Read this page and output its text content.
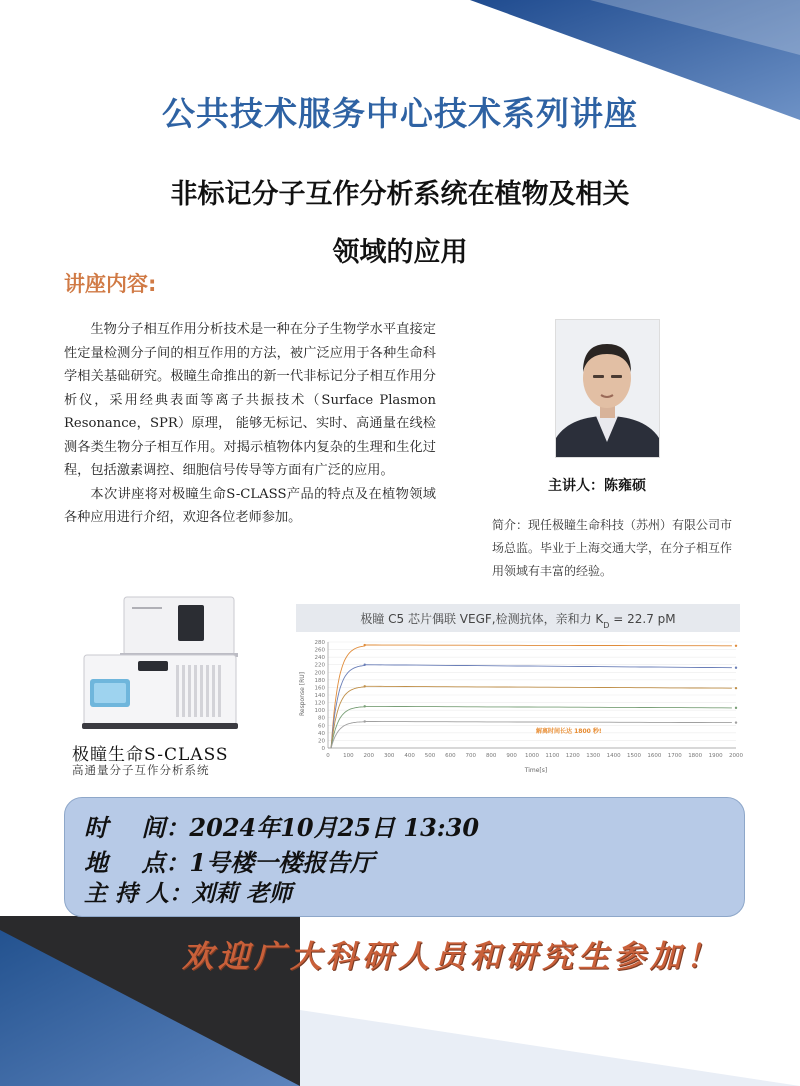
公共技术服务中心技术系列讲座
非标记分子互作分析系统在植物及相关
领域的应用
讲座内容:

生物分子相互作用分析技术是一种在分子生物学水平直接定性定量检测分子间的相互作用的方法，被广泛应用于各种生命科学相关基础研究。极瞳生命推出的新一代非标记分子相互作用分析仪，采用经典表面等离子共振技术（Surface Plasmon Resonance，SPR）原理， 能够无标记、实时、高通量在线检测各类生物分子相互作用。对揭示植物体内复杂的生理和生化过程，包括激素调控、细胞信号传导等方面有广泛的应用。

本次讲座将对极瞳生命S-CLASS产品的特点及在植物领域各种应用进行介绍，欢迎各位老师参加。

主讲人：陈雍硕
简介：现任极瞳生命科技（苏州）有限公司市场总监。毕业于上海交通大学，在分子相互作用领域有丰富的经验。
极瞳生命S-CLASS
高通量分子互作分析系统
极瞳 C5 芯片偶联 VEGF,检测抗体，亲和力 $K_D = 22.7$ pM
0
20
40
60
80
100
120
140
160
180
200
220
240
260
280
0 100 200 300 400 500 600 700 800 900 1000 1100 1200 1300 1400 1500 1600 1700 1800 1900 2000
解离时间长达 1800 秒!
Time[s]
Response [RU]
时    间：2024年10月25日 13:30
地    点：1号楼一楼报告厅
主 持 人：刘莉 老师
欢迎广大科研人员和研究生参加！
